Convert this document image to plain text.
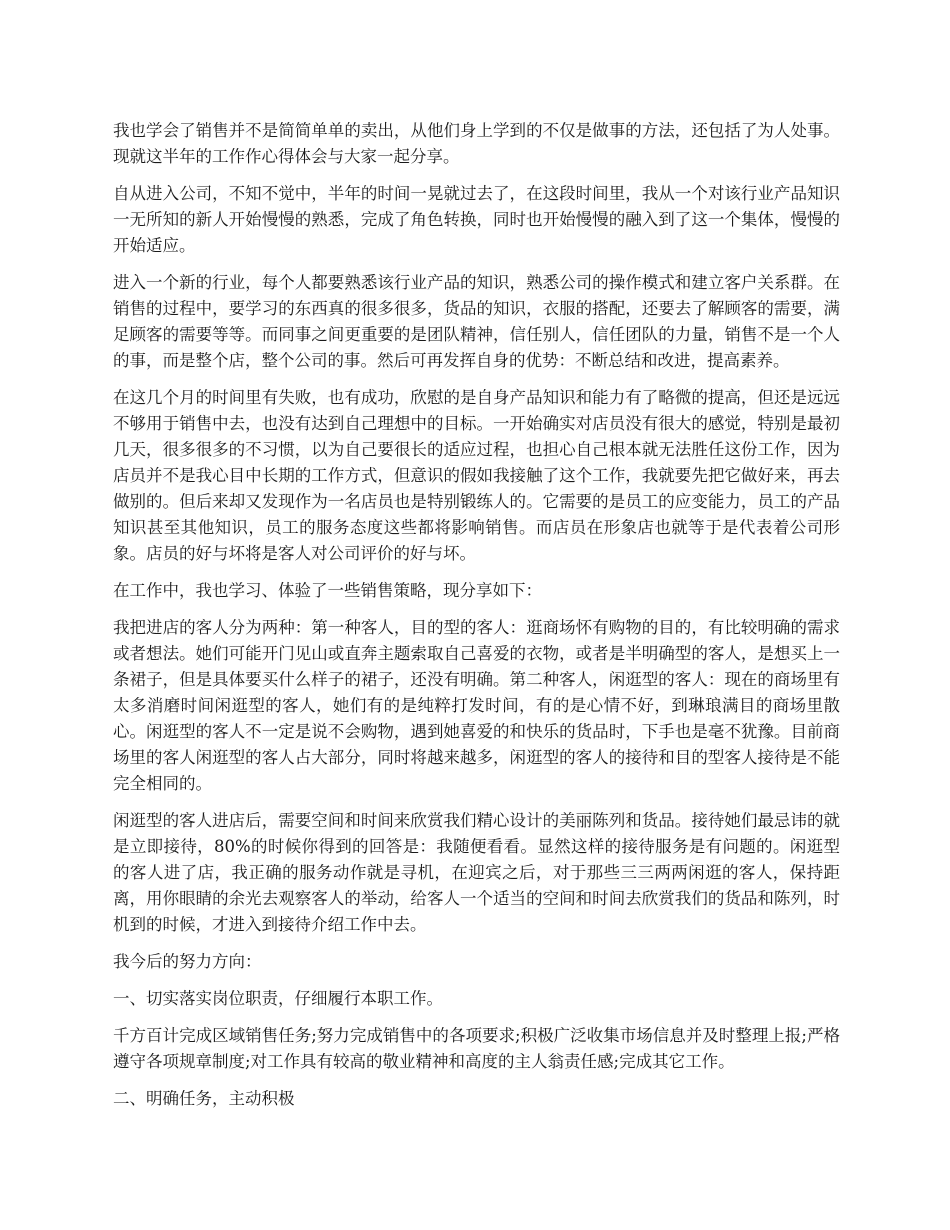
我也学会了销售并不是简简单单的卖出，从他们身上学到的不仅是做事的方法，还包括了为人处事。现就这半年的工作作心得体会与大家一起分享。

自从进入公司，不知不觉中，半年的时间一晃就过去了，在这段时间里，我从一个对该行业产品知识一无所知的新人开始慢慢的熟悉，完成了角色转换，同时也开始慢慢的融入到了这一个集体，慢慢的开始适应。

进入一个新的行业，每个人都要熟悉该行业产品的知识，熟悉公司的操作模式和建立客户关系群。在销售的过程中，要学习的东西真的很多很多，货品的知识，衣服的搭配，还要去了解顾客的需要，满足顾客的需要等等。而同事之间更重要的是团队精神，信任别人，信任团队的力量，销售不是一个人的事，而是整个店，整个公司的事。然后可再发挥自身的优势：不断总结和改进，提高素养。

在这几个月的时间里有失败，也有成功，欣慰的是自身产品知识和能力有了略微的提高，但还是远远不够用于销售中去，也没有达到自己理想中的目标。一开始确实对店员没有很大的感觉，特别是最初几天，很多很多的不习惯，以为自己要很长的适应过程，也担心自己根本就无法胜任这份工作，因为店员并不是我心目中长期的工作方式，但意识的假如我接触了这个工作，我就要先把它做好来，再去做别的。但后来却又发现作为一名店员也是特别锻练人的。它需要的是员工的应变能力，员工的产品知识甚至其他知识，员工的服务态度这些都将影响销售。而店员在形象店也就等于是代表着公司形象。店员的好与坏将是客人对公司评价的好与坏。

在工作中，我也学习、体验了一些销售策略，现分享如下：

我把进店的客人分为两种：第一种客人，目的型的客人：逛商场怀有购物的目的，有比较明确的需求或者想法。她们可能开门见山或直奔主题索取自己喜爱的衣物，或者是半明确型的客人，是想买上一条裙子，但是具体要买什么样子的裙子，还没有明确。第二种客人，闲逛型的客人：现在的商场里有太多消磨时间闲逛型的客人，她们有的是纯粹打发时间，有的是心情不好，到琳琅满目的商场里散心。闲逛型的客人不一定是说不会购物，遇到她喜爱的和快乐的货品时，下手也是毫不犹豫。目前商场里的客人闲逛型的客人占大部分，同时将越来越多，闲逛型的客人的接待和目的型客人接待是不能完全相同的。

闲逛型的客人进店后，需要空间和时间来欣赏我们精心设计的美丽陈列和货品。接待她们最忌讳的就是立即接待，80%的时候你得到的回答是：我随便看看。显然这样的接待服务是有问题的。闲逛型的客人进了店，我正确的服务动作就是寻机，在迎宾之后，对于那些三三两两闲逛的客人，保持距离，用你眼睛的余光去观察客人的举动，给客人一个适当的空间和时间去欣赏我们的货品和陈列，时机到的时候，才进入到接待介绍工作中去。

我今后的努力方向：

一、切实落实岗位职责，仔细履行本职工作。

千方百计完成区域销售任务;努力完成销售中的各项要求;积极广泛收集市场信息并及时整理上报;严格遵守各项规章制度;对工作具有较高的敬业精神和高度的主人翁责任感;完成其它工作。

二、明确任务，主动积极
